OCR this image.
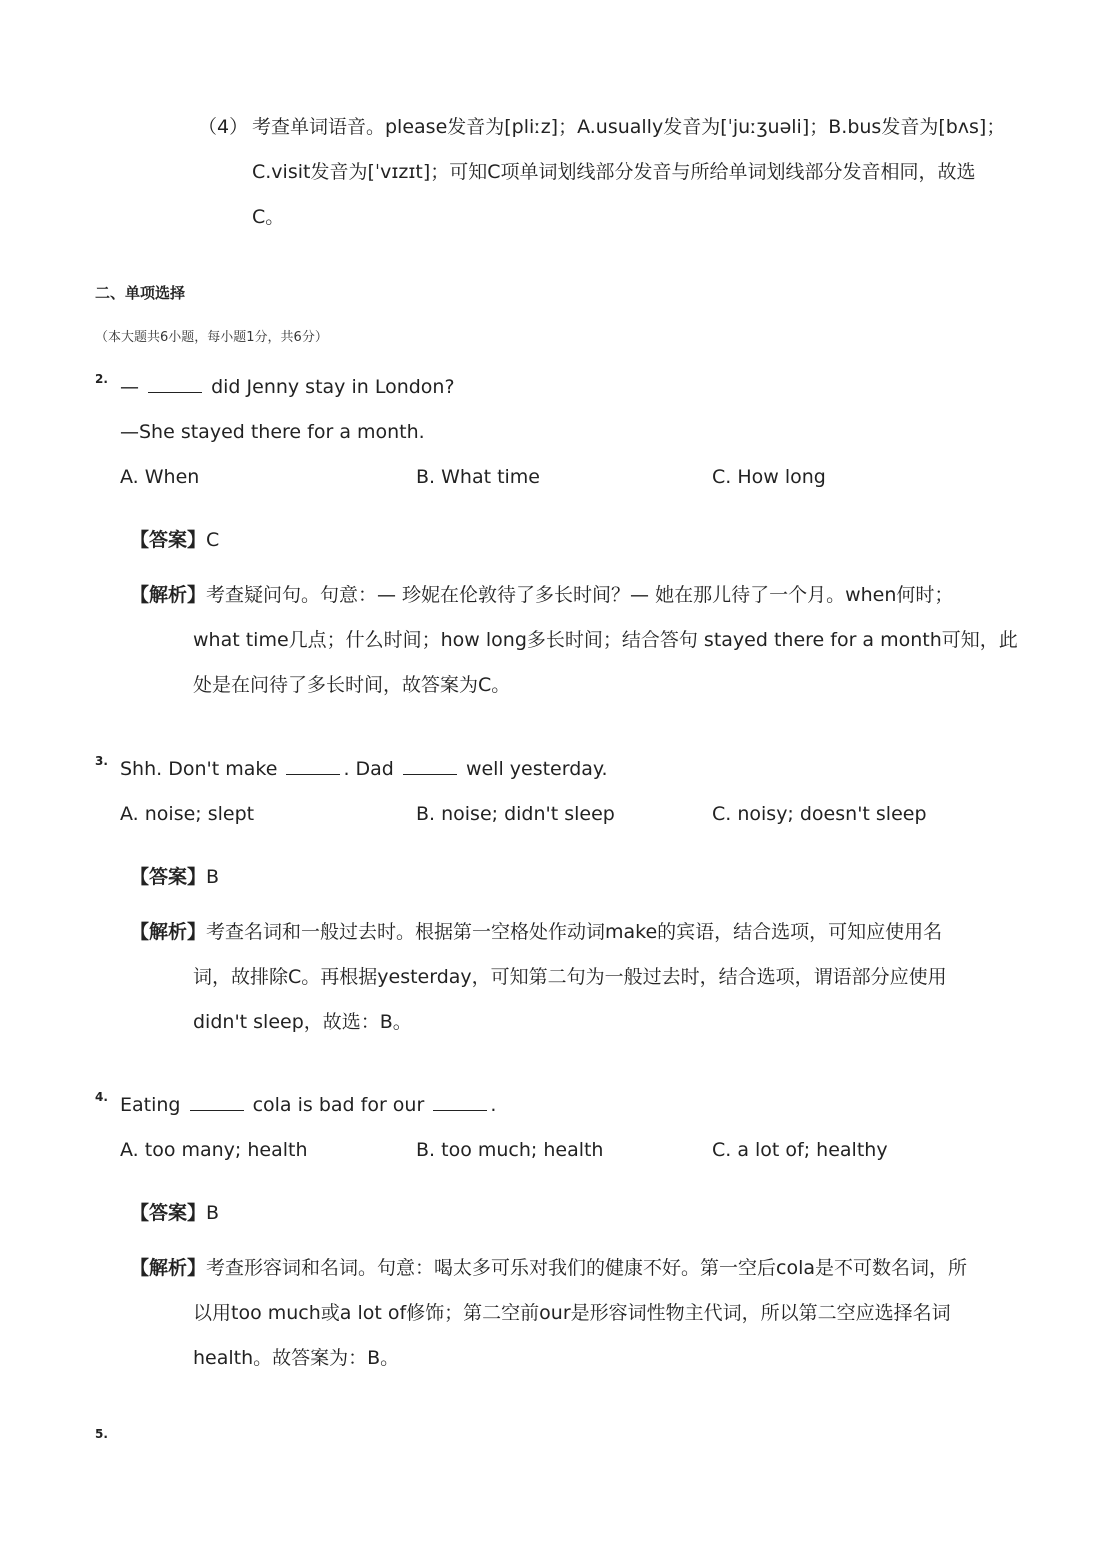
（4） 考查单词语音。please发音为[pliːz]；A.usually发音为[ˈjuːʒuəli]；B.bus发音为[bʌs]；
C.visit发音为[ˈvɪzɪt]；可知C项单词划线部分发音与所给单词划线部分发音相同，故选
C。
二、单项选择
（本大题共6小题，每小题1分，共6分）
2. —	did Jenny stay in London?
—She stayed there for a month.
A. When	B. What time	C. How long
【答案】C
【解析】考查疑问句。句意：— 珍妮在伦敦待了多长时间？— 她在那儿待了一个月。when何时；
what time几点；什么时间；how long多长时间；结合答句 stayed there for a month可知，此
处是在问待了多长时间，故答案为C。
3. Shh. Don't make	. Dad	well yesterday.
A. noise; slept	B. noise; didn't sleep	C. noisy; doesn't sleep
【答案】B
【解析】考查名词和一般过去时。根据第一空格处作动词make的宾语，结合选项，可知应使用名
词，故排除C。再根据yesterday，可知第二句为一般过去时，结合选项，谓语部分应使用
didn't sleep，故选：B。
4. Eating	cola is bad for our	.
A. too many; health	B. too much; health	C. a lot of; healthy
【答案】B
【解析】考查形容词和名词。句意：喝太多可乐对我们的健康不好。第一空后cola是不可数名词，所
以用too much或a lot of修饰；第二空前our是形容词性物主代词，所以第二空应选择名词
health。故答案为：B。
5.
